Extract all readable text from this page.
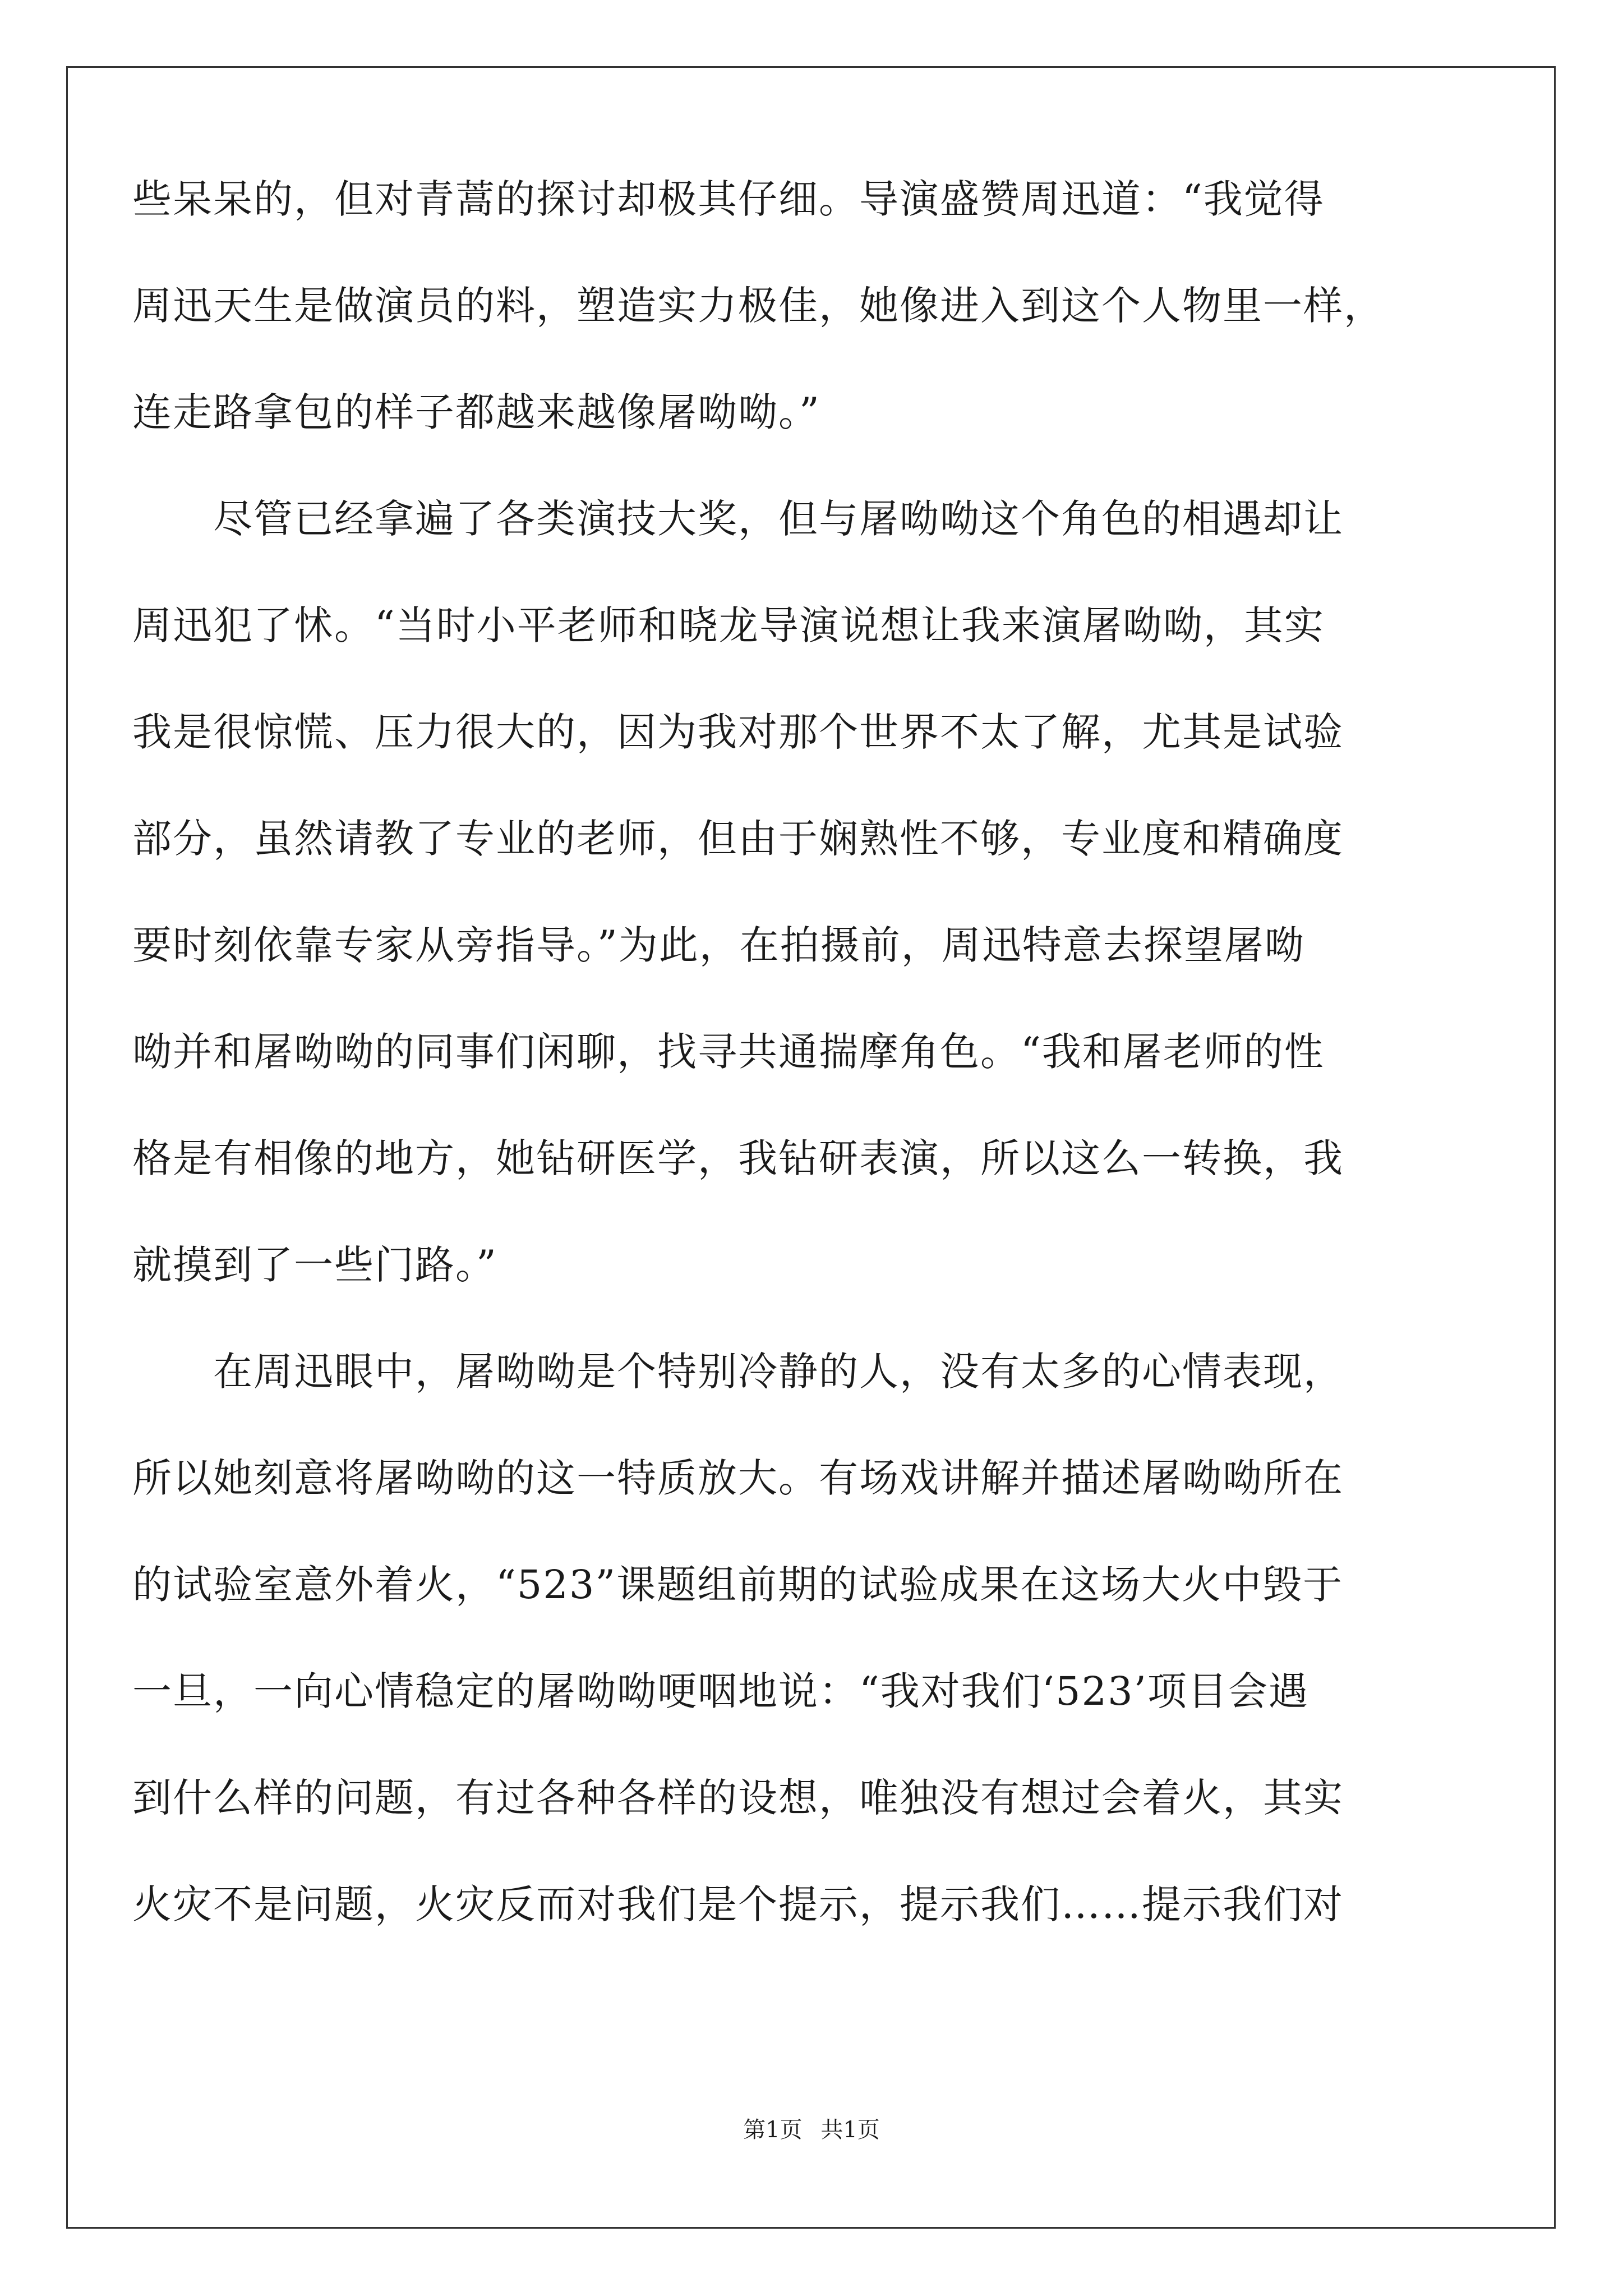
些呆呆的，但对青蒿的探讨却极其仔细。导演盛赞周迅道：“我觉得
周迅天生是做演员的料，塑造实力极佳，她像进入到这个人物里一样，
连走路拿包的样子都越来越像屠呦呦。”
　　尽管已经拿遍了各类演技大奖，但与屠呦呦这个角色的相遇却让
周迅犯了怵。“当时小平老师和晓龙导演说想让我来演屠呦呦，其实
我是很惊慌、压力很大的，因为我对那个世界不太了解，尤其是试验
部分，虽然请教了专业的老师，但由于娴熟性不够，专业度和精确度
要时刻依靠专家从旁指导。”为此，在拍摄前，周迅特意去探望屠呦
呦并和屠呦呦的同事们闲聊，找寻共通揣摩角色。“我和屠老师的性
格是有相像的地方，她钻研医学，我钻研表演，所以这么一转换，我
就摸到了一些门路。”
　　在周迅眼中，屠呦呦是个特别冷静的人，没有太多的心情表现，
所以她刻意将屠呦呦的这一特质放大。有场戏讲解并描述屠呦呦所在
的试验室意外着火，“523”课题组前期的试验成果在这场大火中毁于
一旦，一向心情稳定的屠呦呦哽咽地说：“我对我们‘523’项目会遇
到什么样的问题，有过各种各样的设想，唯独没有想过会着火，其实
火灾不是问题，火灾反而对我们是个提示，提示我们……提示我们对
第1页 共1页
